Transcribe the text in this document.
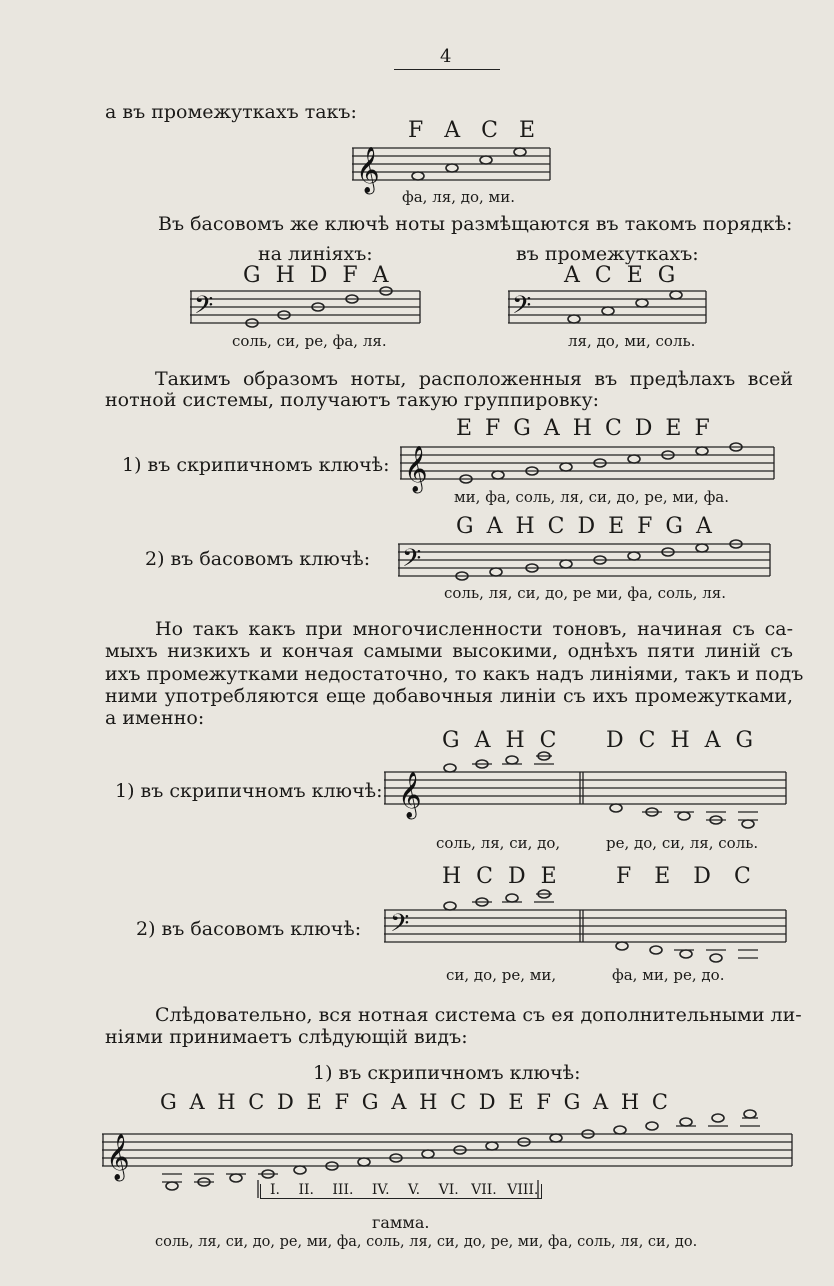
4
а въ промежуткахъ такъ:
F A C E
𝄞
фа, ля, до, ми.
Въ басовомъ же ключѣ ноты размѣщаются въ такомъ порядкѣ:
на линіяхъ:	въ промежуткахъ:
G H D F A	A C E G
𝄢	𝄢
соль, си, ре, фа, ля.	ля, до, ми, соль.
Такимъ образомъ ноты, расположенныя въ предѣлахъ всей
нотной системы, получаютъ такую группировку:
E F G A H C D E F
1) въ скрипичномъ ключѣ: 𝄞
ми, фа, соль, ля, си, до, ре, ми, фа.
G A H C D E F G A
2) въ басовомъ ключѣ: 𝄢
соль, ля, си, до, ре ми, фа, соль, ля.
Но такъ какъ при многочисленности тоновъ, начиная съ са-
мыхъ низкихъ и кончая самыми высокими, однѣхъ пяти линій съ
ихъ промежутками недостаточно, то какъ надъ линіями, такъ и подъ
ними употребляются еще добавочныя линіи съ ихъ промежутками,
а именно:
G A H C D C H A G
1) въ скрипичномъ ключѣ: 𝄞
соль, ля, си, до,	ре, до, си, ля, соль.
H C D E	F E D C
2) въ басовомъ ключѣ: 𝄢
си, до, ре, ми,	фа, ми, ре, до.
Слѣдовательно, вся нотная система съ ея дополнительными ли-
ніями принимаетъ слѣдующій видъ:
1) въ скрипичномъ ключѣ:
G A H C D E F G A H C D E F G A H C
𝄞
I. II. III. IV. V. VI. VII. VIII.
гамма.
соль, ля, си, до, ре, ми, фа, соль, ля, си, до, ре, ми, фа, соль, ля, си, до.
